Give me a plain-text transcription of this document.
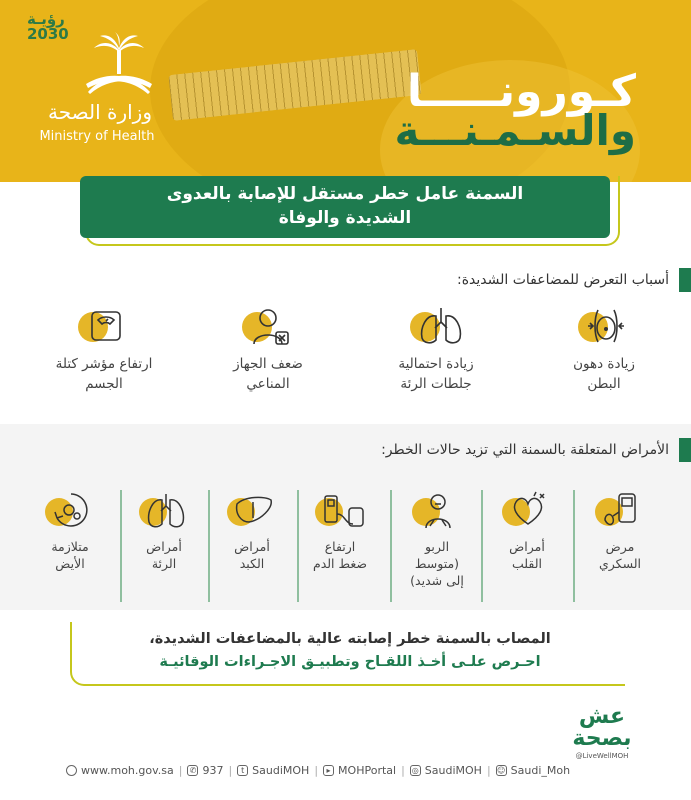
رؤيـة
2030
وزارة الصحة
Ministry of Health
كـورونـــــا
والسـمـنـــة
السمنة عامل خطر مستقل للإصابة بالعدوى
الشديدة والوفاة
أسباب التعرض للمضاعفات الشديدة:
زيادة دهون
البطن
زيادة احتمالية
جلطات الرئة
ضعف الجهاز
المناعي
ارتفاع مؤشر كتلة
الجسم
الأمراض المتعلقة بالسمنة التي تزيد حالات الخطر:
مرض
السكري
أمراض
القلب
الربو
(متوسط
إلى شديد)
ارتفاع
ضغط الدم
أمراض
الكبد
أمراض
الرئة
متلازمة
الأيض
المصاب بالسمنة خطر إصابته عالية بالمضاعفات الشديدة،
احـرص علـى أخـذ اللقـاح وتطبيـق الاجـراءات الوقائيـة
عش
بصحة
@LiveWellMOH
www.moh.gov.sa | ✆ 937 |	t SaudiMOH |	▸ MOHPortal | ◎ SaudiMOH | ☺ Saudi_Moh
